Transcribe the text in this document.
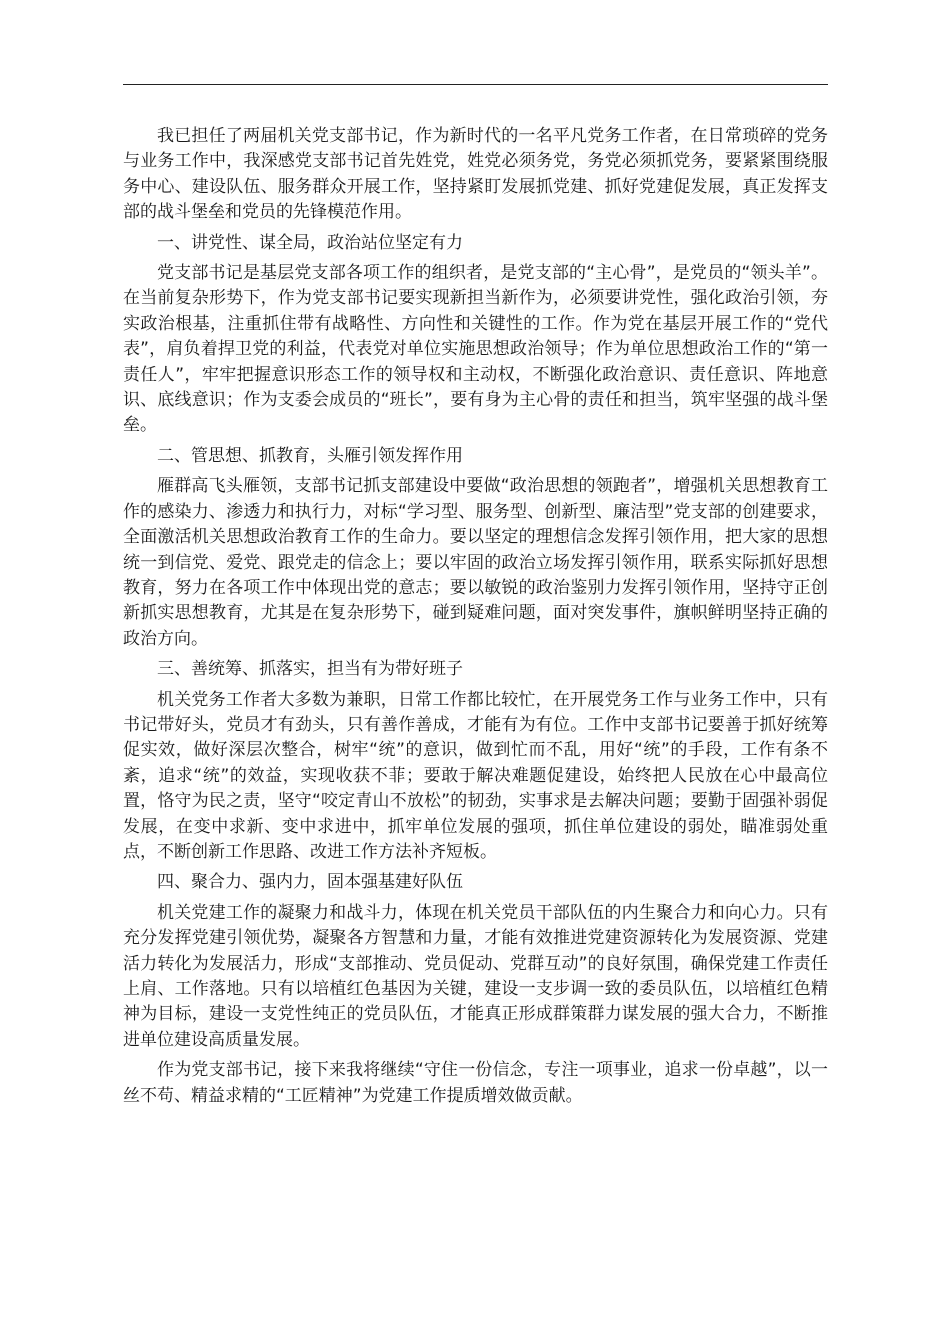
我已担任了两届机关党支部书记，作为新时代的一名平凡党务工作者，在日常琐碎的党务与业务工作中，我深感党支部书记首先姓党，姓党必须务党，务党必须抓党务，要紧紧围绕服务中心、建设队伍、服务群众开展工作，坚持紧盯发展抓党建、抓好党建促发展，真正发挥支部的战斗堡垒和党员的先锋模范作用。

一、讲党性、谋全局，政治站位坚定有力

党支部书记是基层党支部各项工作的组织者，是党支部的“主心骨”，是党员的“领头羊”。在当前复杂形势下，作为党支部书记要实现新担当新作为，必须要讲党性，强化政治引领，夯实政治根基，注重抓住带有战略性、方向性和关键性的工作。作为党在基层开展工作的“党代表”，肩负着捍卫党的利益，代表党对单位实施思想政治领导；作为单位思想政治工作的“第一责任人”，牢牢把握意识形态工作的领导权和主动权，不断强化政治意识、责任意识、阵地意识、底线意识；作为支委会成员的“班长”，要有身为主心骨的责任和担当，筑牢坚强的战斗堡垒。

二、管思想、抓教育，头雁引领发挥作用

雁群高飞头雁领，支部书记抓支部建设中要做“政治思想的领跑者”，增强机关思想教育工作的感染力、渗透力和执行力，对标“学习型、服务型、创新型、廉洁型”党支部的创建要求，全面激活机关思想政治教育工作的生命力。要以坚定的理想信念发挥引领作用，把大家的思想统一到信党、爱党、跟党走的信念上；要以牢固的政治立场发挥引领作用，联系实际抓好思想教育，努力在各项工作中体现出党的意志；要以敏锐的政治鉴别力发挥引领作用，坚持守正创新抓实思想教育，尤其是在复杂形势下，碰到疑难问题，面对突发事件，旗帜鲜明坚持正确的政治方向。

三、善统筹、抓落实，担当有为带好班子

机关党务工作者大多数为兼职，日常工作都比较忙，在开展党务工作与业务工作中，只有书记带好头，党员才有劲头，只有善作善成，才能有为有位。工作中支部书记要善于抓好统筹促实效，做好深层次整合，树牢“统”的意识，做到忙而不乱，用好“统”的手段，工作有条不紊，追求“统”的效益，实现收获不菲；要敢于解决难题促建设，始终把人民放在心中最高位置，恪守为民之责，坚守“咬定青山不放松”的韧劲，实事求是去解决问题；要勤于固强补弱促发展，在变中求新、变中求进中，抓牢单位发展的强项，抓住单位建设的弱处，瞄准弱处重点，不断创新工作思路、改进工作方法补齐短板。

四、聚合力、强内力，固本强基建好队伍

机关党建工作的凝聚力和战斗力，体现在机关党员干部队伍的内生聚合力和向心力。只有充分发挥党建引领优势，凝聚各方智慧和力量，才能有效推进党建资源转化为发展资源、党建活力转化为发展活力，形成“支部推动、党员促动、党群互动”的良好氛围，确保党建工作责任上肩、工作落地。只有以培植红色基因为关键，建设一支步调一致的委员队伍，以培植红色精神为目标，建设一支党性纯正的党员队伍，才能真正形成群策群力谋发展的强大合力，不断推进单位建设高质量发展。

作为党支部书记，接下来我将继续“守住一份信念，专注一项事业，追求一份卓越”，以一丝不苟、精益求精的“工匠精神”为党建工作提质增效做贡献。
